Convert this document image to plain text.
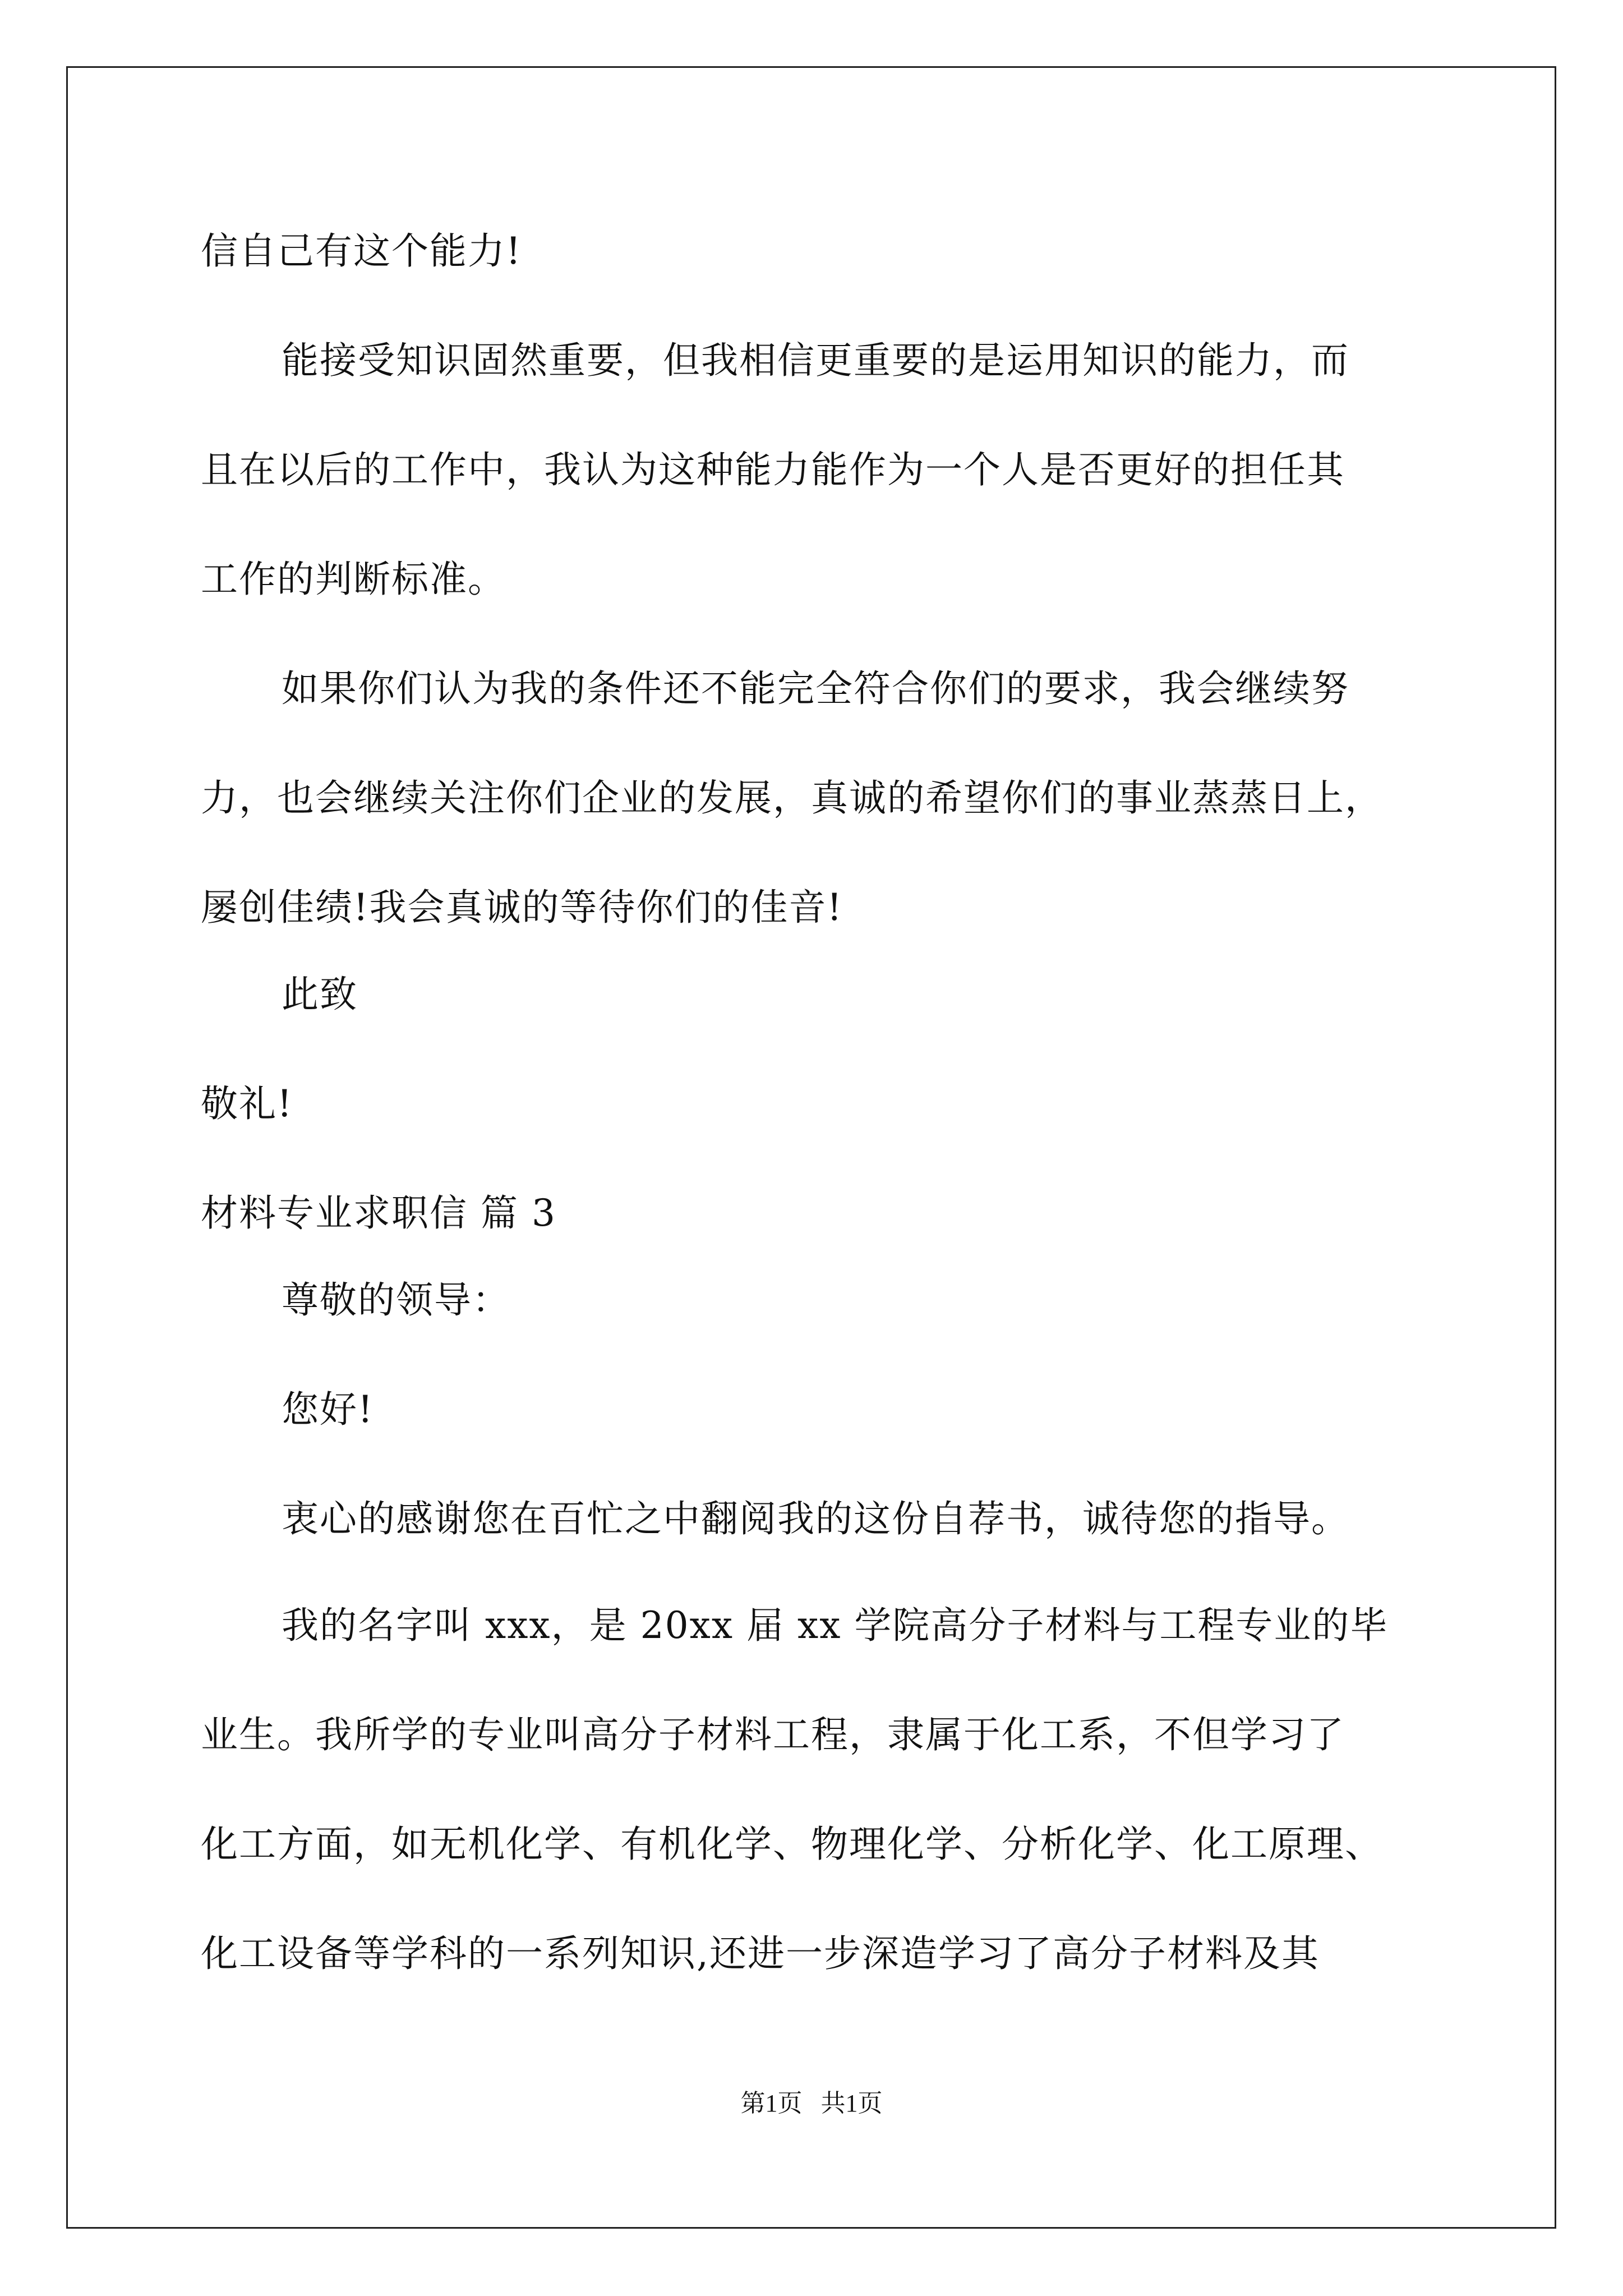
信自己有这个能力!
能接受知识固然重要，但我相信更重要的是运用知识的能力，而
且在以后的工作中，我认为这种能力能作为一个人是否更好的担任其
工作的判断标准。
如果你们认为我的条件还不能完全符合你们的要求，我会继续努
力，也会继续关注你们企业的发展，真诚的希望你们的事业蒸蒸日上，
屡创佳绩!我会真诚的等待你们的佳音!
此致
敬礼!
材料专业求职信 篇 3
尊敬的领导：
您好!
衷心的感谢您在百忙之中翻阅我的这份自荐书，诚待您的指导。
我的名字叫 xxx，是 20xx 届 xx 学院高分子材料与工程专业的毕
业生。我所学的专业叫高分子材料工程，隶属于化工系，不但学习了
化工方面，如无机化学、有机化学、物理化学、分析化学、化工原理、
化工设备等学科的一系列知识,还进一步深造学习了高分子材料及其
第1页   共1页
